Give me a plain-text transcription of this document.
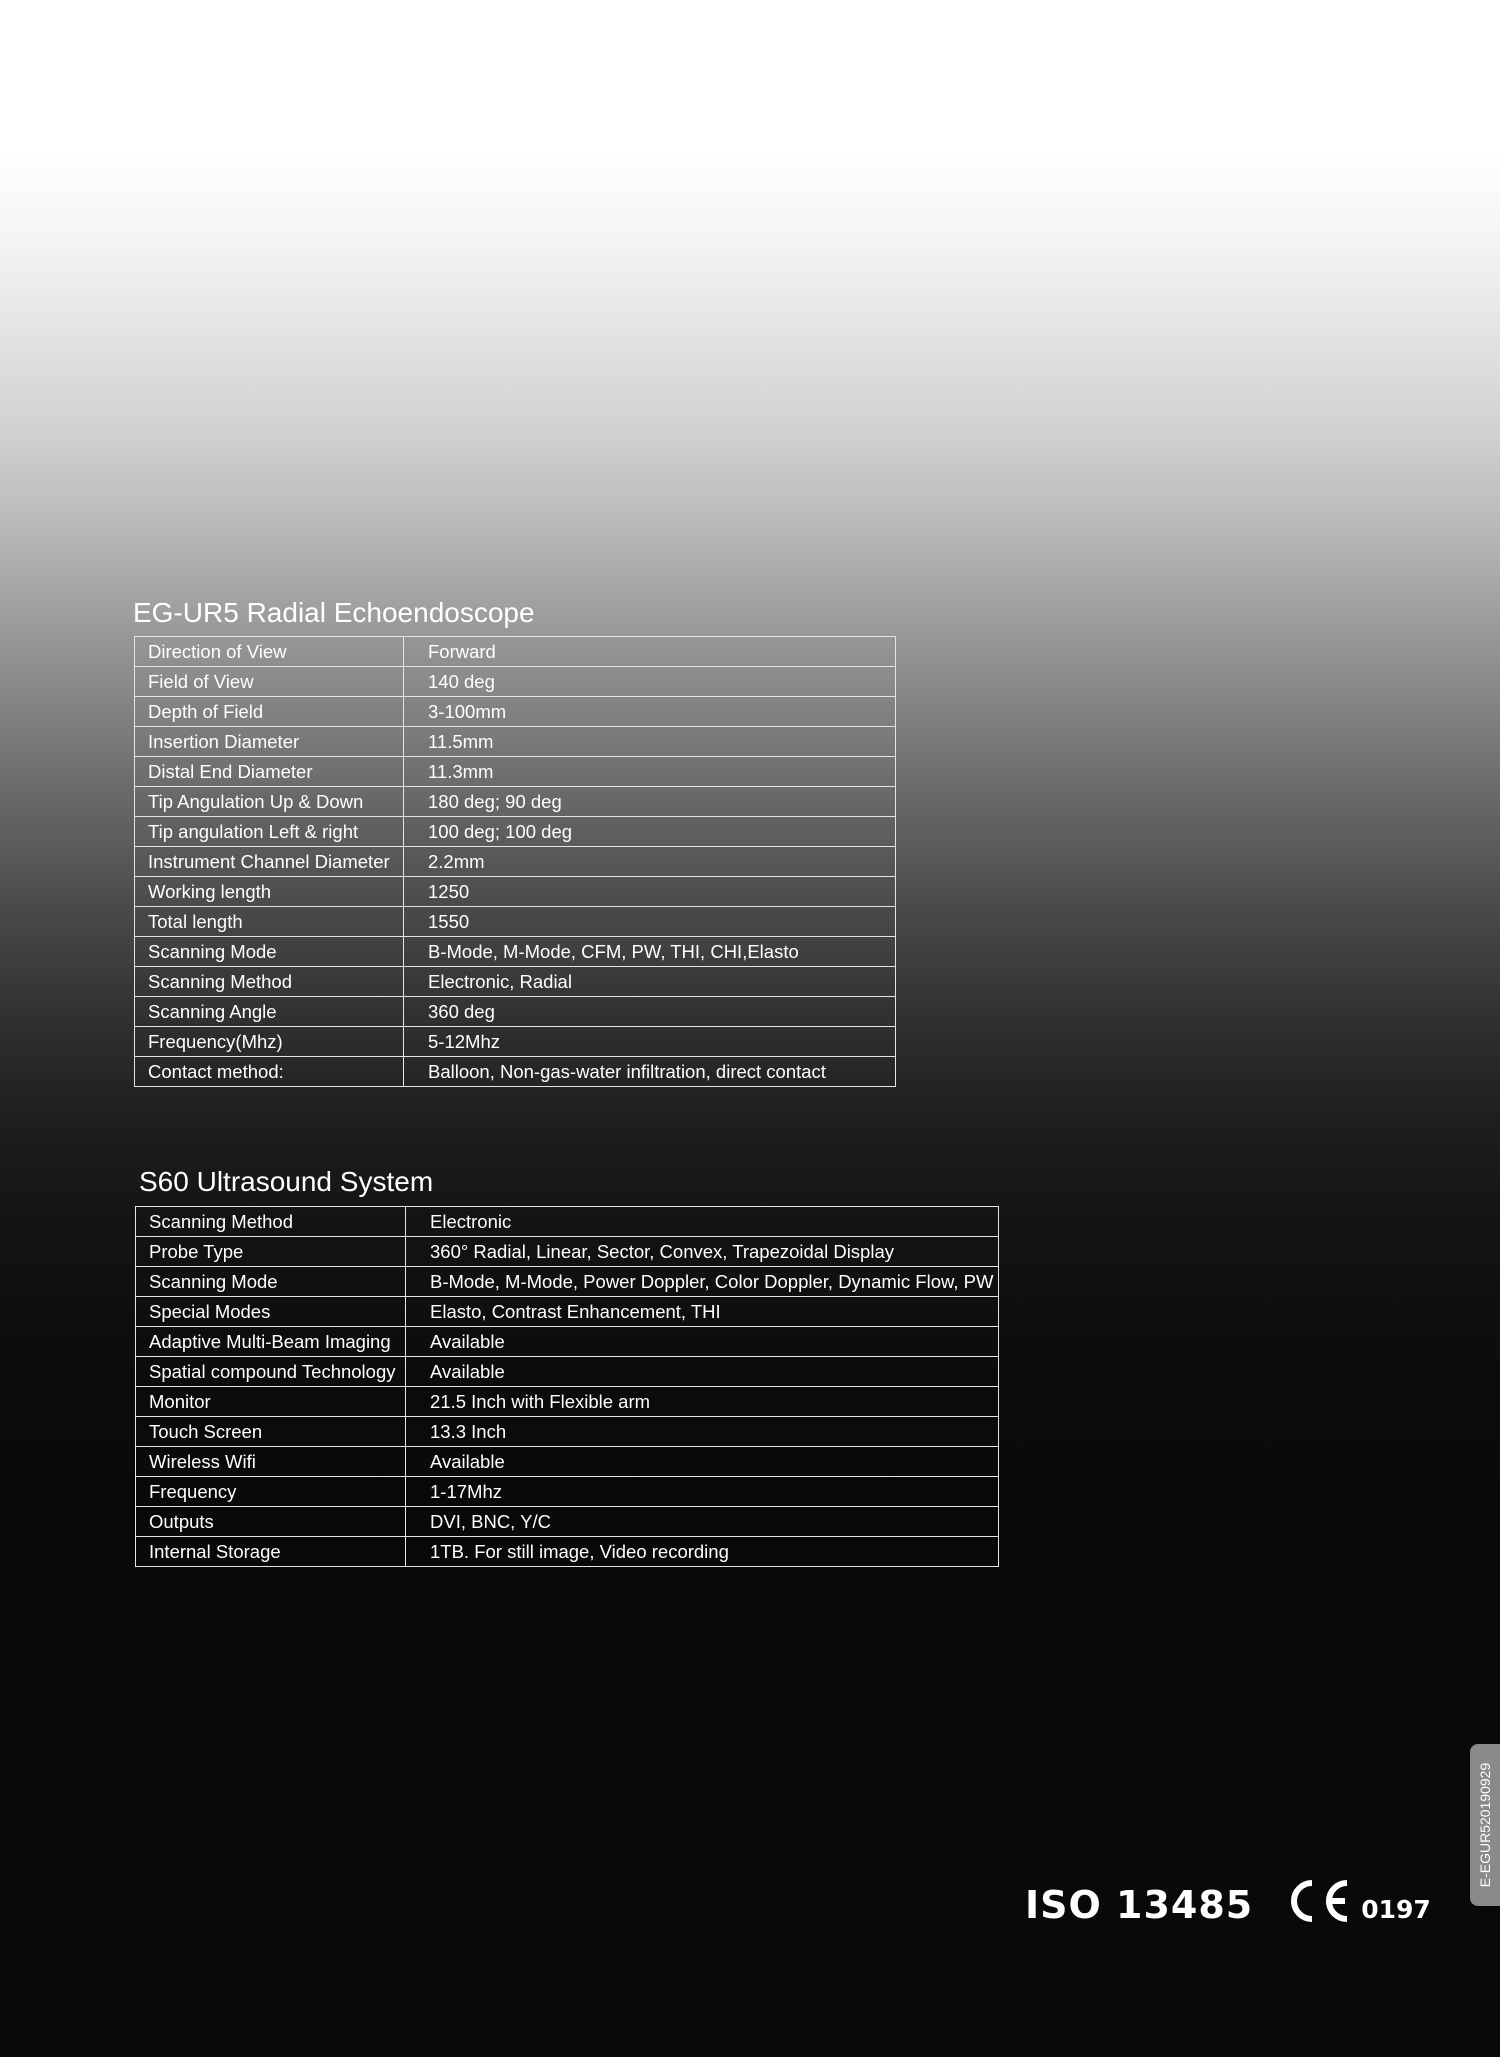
EG-UR5 Radial Echoendoscope
Direction of View	Forward
Field of View	140 deg
Depth of Field	3-100mm
Insertion Diameter	11.5mm
Distal End Diameter	11.3mm
Tip Angulation Up & Down	180 deg; 90 deg
Tip angulation Left & right	100 deg; 100 deg
Instrument Channel Diameter	2.2mm
Working length	1250
Total length	1550
Scanning Mode	B-Mode, M-Mode, CFM, PW, THI, CHI,Elasto
Scanning Method	Electronic, Radial
Scanning Angle	360 deg
Frequency(Mhz)	5-12Mhz
Contact method:	Balloon, Non-gas-water infiltration, direct contact
S60 Ultrasound System
Scanning Method	Electronic
Probe Type	360° Radial, Linear, Sector, Convex, Trapezoidal Display
Scanning Mode	B-Mode, M-Mode, Power Doppler, Color Doppler, Dynamic Flow, PW
Special Modes	Elasto, Contrast Enhancement, THI
Adaptive Multi-Beam Imaging	Available
Spatial compound Technology	Available
Monitor	21.5 Inch with Flexible arm
Touch Screen	13.3 Inch
Wireless Wifi	Available
Frequency	1-17Mhz
Outputs	DVI, BNC, Y/C
Internal Storage	1TB. For still image, Video recording
ISO 13485	0197
E-EGUR520190929
